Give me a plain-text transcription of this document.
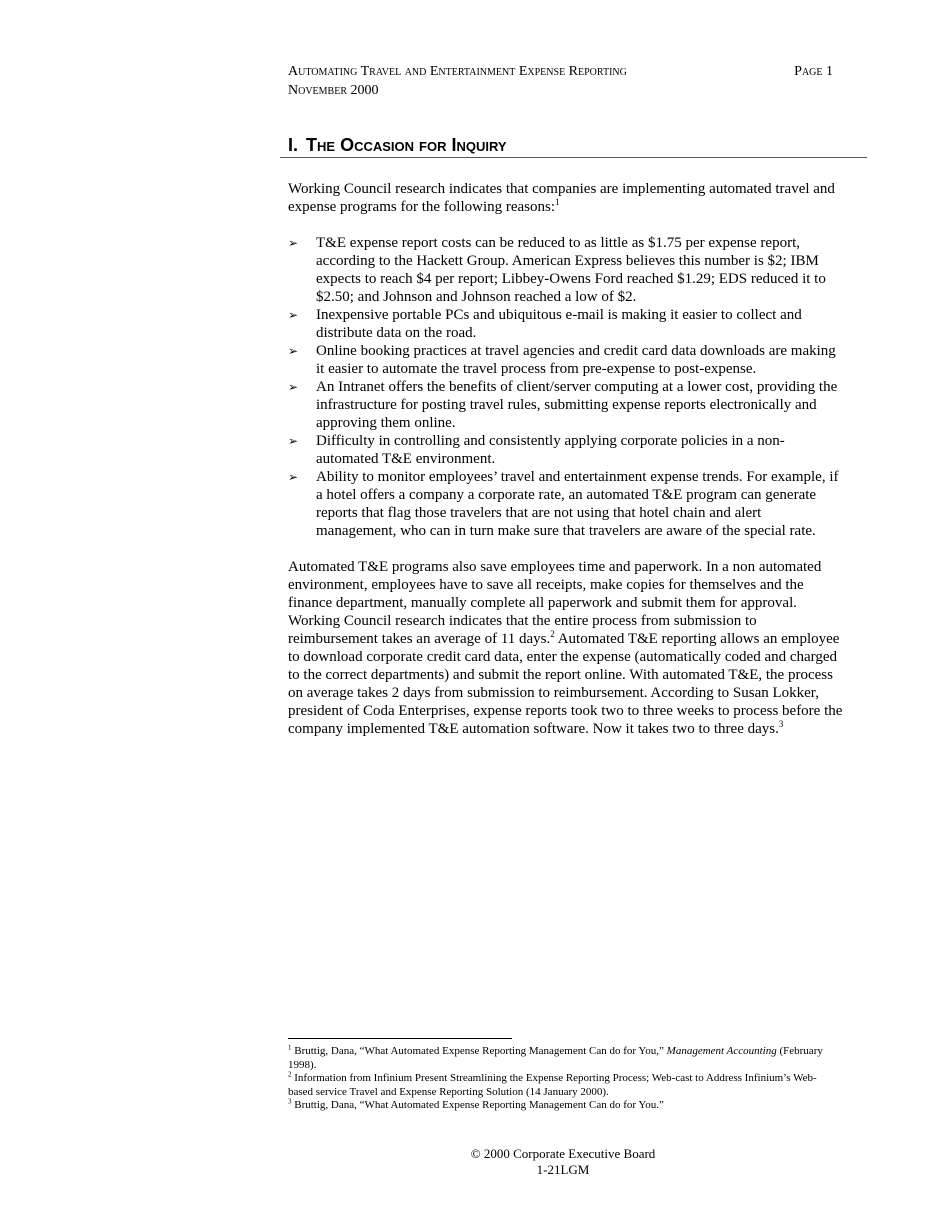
Automating Travel and Entertainment Expense Reporting	Page 1
November 2000
I. The Occasion for Inquiry

Working Council research indicates that companies are implementing automated travel and expense programs for the following reasons:$^1$

➢ T&E expense report costs can be reduced to as little as $1.75 per expense report, according to the Hackett Group. American Express believes this number is $2; IBM expects to reach $4 per report; Libbey-Owens Ford reached $1.29; EDS reduced it to $2.50; and Johnson and Johnson reached a low of $2.
➢ Inexpensive portable PCs and ubiquitous e-mail is making it easier to collect and distribute data on the road.
➢ Online booking practices at travel agencies and credit card data downloads are making it easier to automate the travel process from pre-expense to post-expense.
➢ An Intranet offers the benefits of client/server computing at a lower cost, providing the infrastructure for posting travel rules, submitting expense reports electronically and approving them online.
➢ Difficulty in controlling and consistently applying corporate policies in a non-automated T&E environment.
➢ Ability to monitor employees’ travel and entertainment expense trends. For example, if a hotel offers a company a corporate rate, an automated T&E program can generate reports that flag those travelers that are not using that hotel chain and alert management, who can in turn make sure that travelers are aware of the special rate.

Automated T&E programs also save employees time and paperwork. In a non automated environment, employees have to save all receipts, make copies for themselves and the finance department, manually complete all paperwork and submit them for approval. Working Council research indicates that the entire process from submission to reimbursement takes an average of 11 days.$^2$ Automated T&E reporting allows an employee to download corporate credit card data, enter the expense (automatically coded and charged to the correct departments) and submit the report online. With automated T&E, the process on average takes 2 days from submission to reimbursement. According to Susan Lokker, president of Coda Enterprises, expense reports took two to three weeks to process before the company implemented T&E automation software. Now it takes two to three days.$^3$

$^1$ Bruttig, Dana, “What Automated Expense Reporting Management Can do for You,” Management Accounting (February 1998).

$^2$ Information from Infinium Present Streamlining the Expense Reporting Process; Web-cast to Address Infinium’s Web-based service Travel and Expense Reporting Solution (14 January 2000).

$^3$ Bruttig, Dana, “What Automated Expense Reporting Management Can do for You.”

© 2000 Corporate Executive Board
1-21LGM
